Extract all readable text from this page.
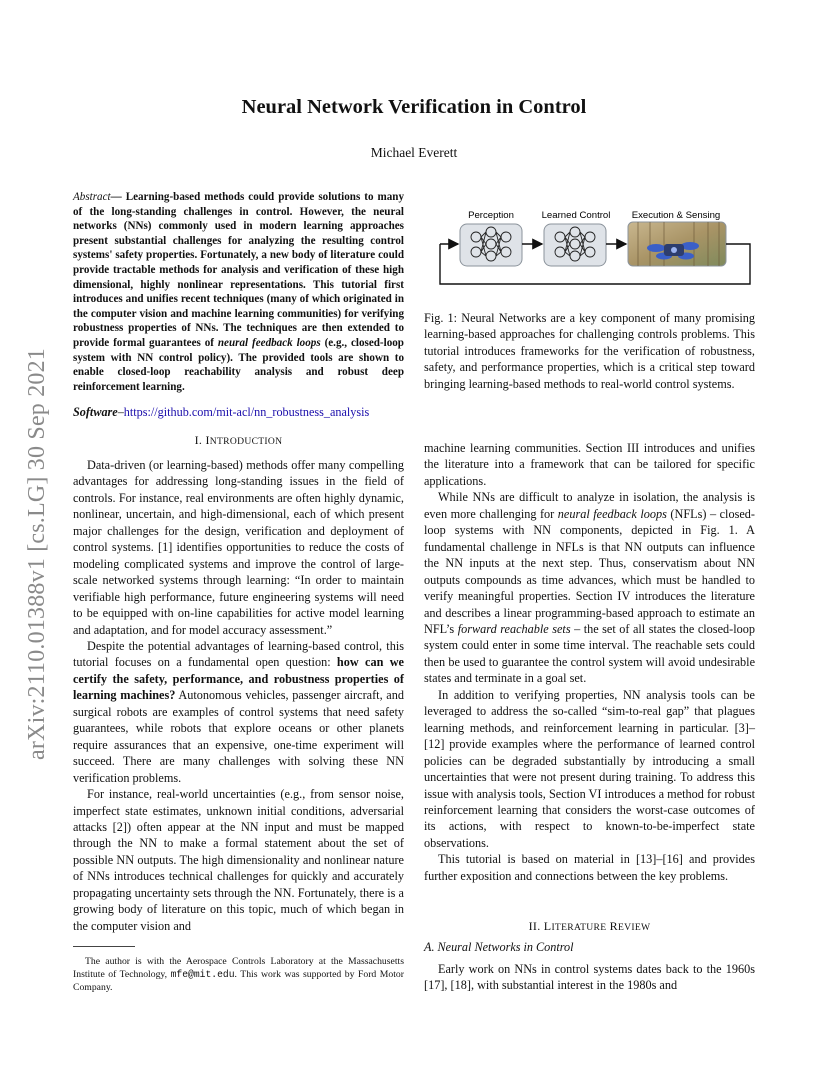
arXiv:2110.01388v1 [cs.LG] 30 Sep 2021
Neural Network Verification in Control
Michael Everett
Abstract— Learning-based methods could provide solutions to many of the long-standing challenges in control. However, the neural networks (NNs) commonly used in modern learning approaches present substantial challenges for analyzing the resulting control systems' safety properties. Fortunately, a new body of literature could provide tractable methods for analysis and verification of these high dimensional, highly nonlinear representations. This tutorial first introduces and unifies recent techniques (many of which originated in the computer vision and machine learning communities) for verifying robustness properties of NNs. The techniques are then extended to provide formal guarantees of neural feedback loops (e.g., closed-loop system with NN control policy). The provided tools are shown to enable closed-loop reachability analysis and robust deep reinforcement learning.
Software–https://github.com/mit-acl/nn_robustness_analysis
I. INTRODUCTION

Data-driven (or learning-based) methods offer many compelling advantages for addressing long-standing issues in the field of controls. For instance, real environments are often highly dynamic, nonlinear, uncertain, and high-dimensional, each of which present major challenges for the design, verification and deployment of control systems. [1] identifies opportunities to reduce the costs of modeling complicated systems and improve the control of large-scale networked systems through learning: “In order to maintain verifiable high performance, future engineering systems will need to be equipped with on-line capabilities for active model learning and adaptation, and for model accuracy assessment.”

Despite the potential advantages of learning-based control, this tutorial focuses on a fundamental open question: how can we certify the safety, performance, and robustness properties of learning machines? Autonomous vehicles, passenger aircraft, and surgical robots are examples of control systems that need safety guarantees, while robots that explore oceans or other planets require assurances that an expensive, one-time experiment will succeed. There are many challenges with solving these NN verification problems.

For instance, real-world uncertainties (e.g., from sensor noise, imperfect state estimates, unknown initial conditions, adversarial attacks [2]) often appear at the NN input and must be mapped through the NN to make a formal statement about the set of possible NN outputs. The high dimensionality and nonlinear nature of NNs introduces technical challenges for quickly and accurately propagating uncertainty sets through the NN. Fortunately, there is a growing body of literature on this topic, much of which began in the computer vision and

The author is with the Aerospace Controls Laboratory at the Massachusetts Institute of Technology, mfe@mit.edu. This work was supported by Ford Motor Company.

Perception	Learned Control Execution & Sensing
Fig. 1: Neural Networks are a key component of many promising learning-based approaches for challenging controls problems. This tutorial introduces frameworks for the verification of robustness, safety, and performance properties, which is a critical step toward bringing learning-based methods to real-world control systems.

machine learning communities. Section III introduces and unifies the literature into a framework that can be tailored for specific applications.

While NNs are difficult to analyze in isolation, the analysis is even more challenging for neural feedback loops (NFLs) – closed-loop systems with NN components, depicted in Fig. 1. A fundamental challenge in NFLs is that NN outputs can influence the NN inputs at the next step. Thus, conservatism about NN outputs compounds as time advances, which must be handled to verify meaningful properties. Section IV introduces the literature and describes a linear programming-based approach to estimate an NFL’s forward reachable sets – the set of all states the closed-loop system could enter in some time interval. The reachable sets could then be used to guarantee the control system will avoid undesirable states and terminate in a goal set.

In addition to verifying properties, NN analysis tools can be leveraged to address the so-called “sim-to-real gap” that plagues learning methods, and reinforcement learning in particular. [3]–[12] provide examples where the performance of learned control policies can be degraded substantially by introducing a small uncertainties that were not present during training. To address this issue with analysis tools, Section VI introduces a method for robust reinforcement learning that considers the worst-case outcomes of its actions, with respect to known-to-be-imperfect state observations.

This tutorial is based on material in [13]–[16] and provides further exposition and connections between the key problems.

II. LITERATURE REVIEW
A. Neural Networks in Control

Early work on NNs in control systems dates back to the 1960s [17], [18], with substantial interest in the 1980s and
